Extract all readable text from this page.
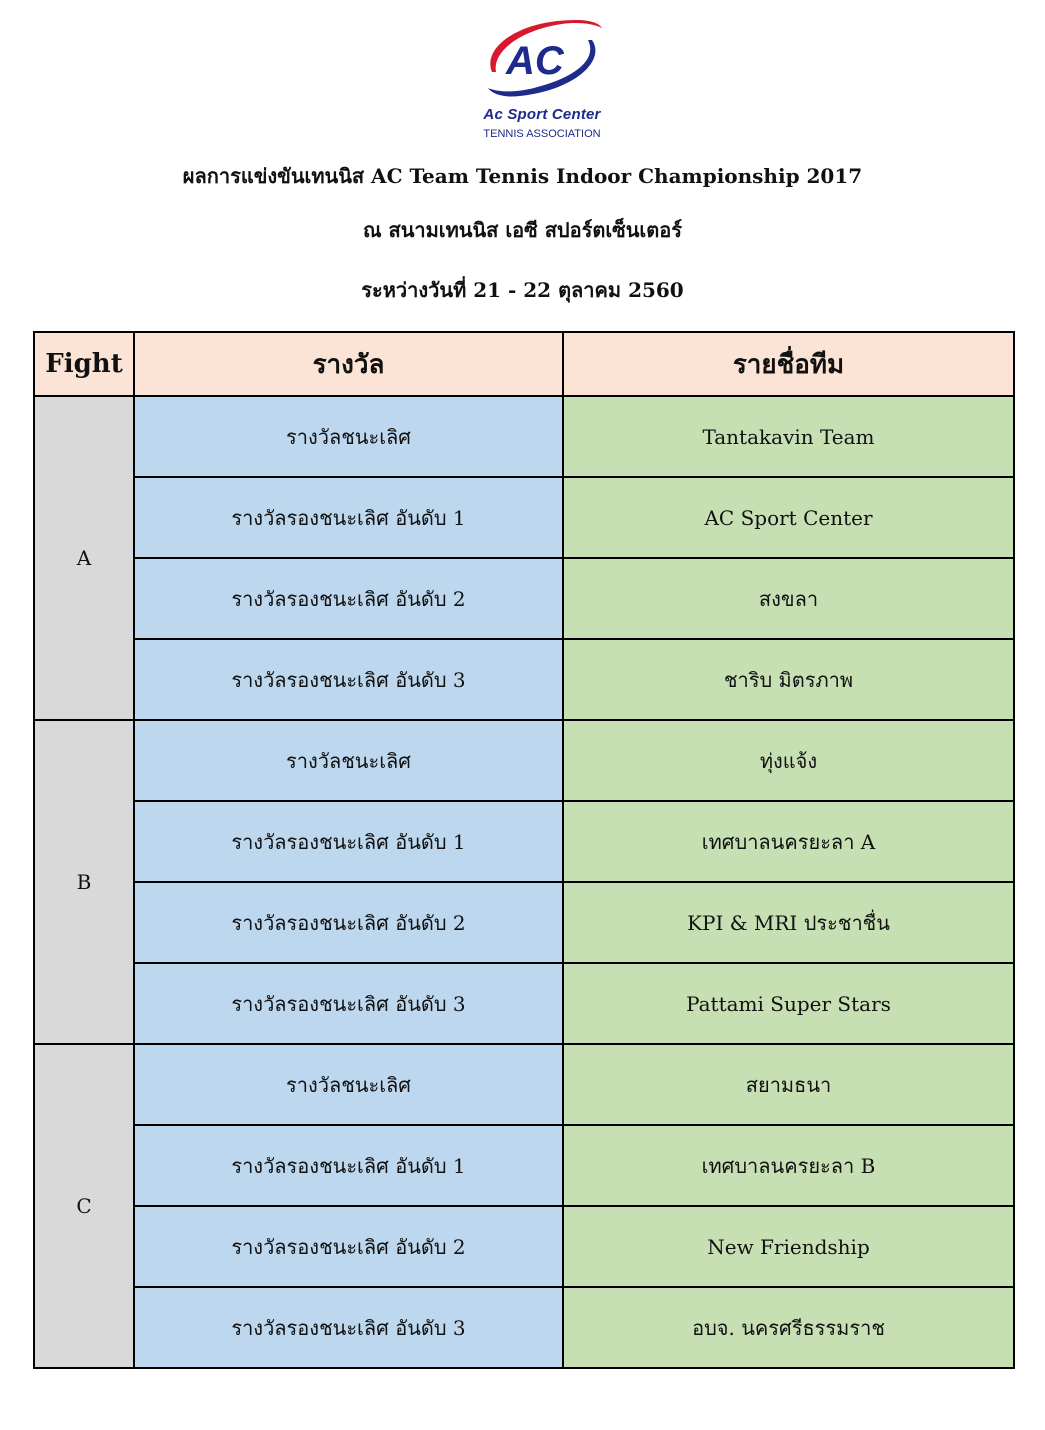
AC
Ac Sport Center
TENNIS ASSOCIATION
ผลการแข่งขันเทนนิส AC Team Tennis Indoor Championship 2017
ณ สนามเทนนิส เอซี สปอร์ตเซ็นเตอร์
ระหว่างวันที่ 21 - 22 ตุลาคม 2560
Fight	รางวัล	รายชื่อทีม
A	รางวัลชนะเลิศ	Tantakavin Team
	รางวัลรองชนะเลิศ อันดับ 1	AC Sport Center
	รางวัลรองชนะเลิศ อันดับ 2	สงขลา
	รางวัลรองชนะเลิศ อันดับ 3	ชาริบ มิตรภาพ
B	รางวัลชนะเลิศ	ทุ่งแจ้ง
	รางวัลรองชนะเลิศ อันดับ 1	เทศบาลนครยะลา A
	รางวัลรองชนะเลิศ อันดับ 2	KPI & MRI ประชาชื่น
	รางวัลรองชนะเลิศ อันดับ 3	Pattami Super Stars
C	รางวัลชนะเลิศ	สยามธนา
	รางวัลรองชนะเลิศ อันดับ 1	เทศบาลนครยะลา B
	รางวัลรองชนะเลิศ อันดับ 2	New Friendship
	รางวัลรองชนะเลิศ อันดับ 3	อบจ. นครศรีธรรมราช
